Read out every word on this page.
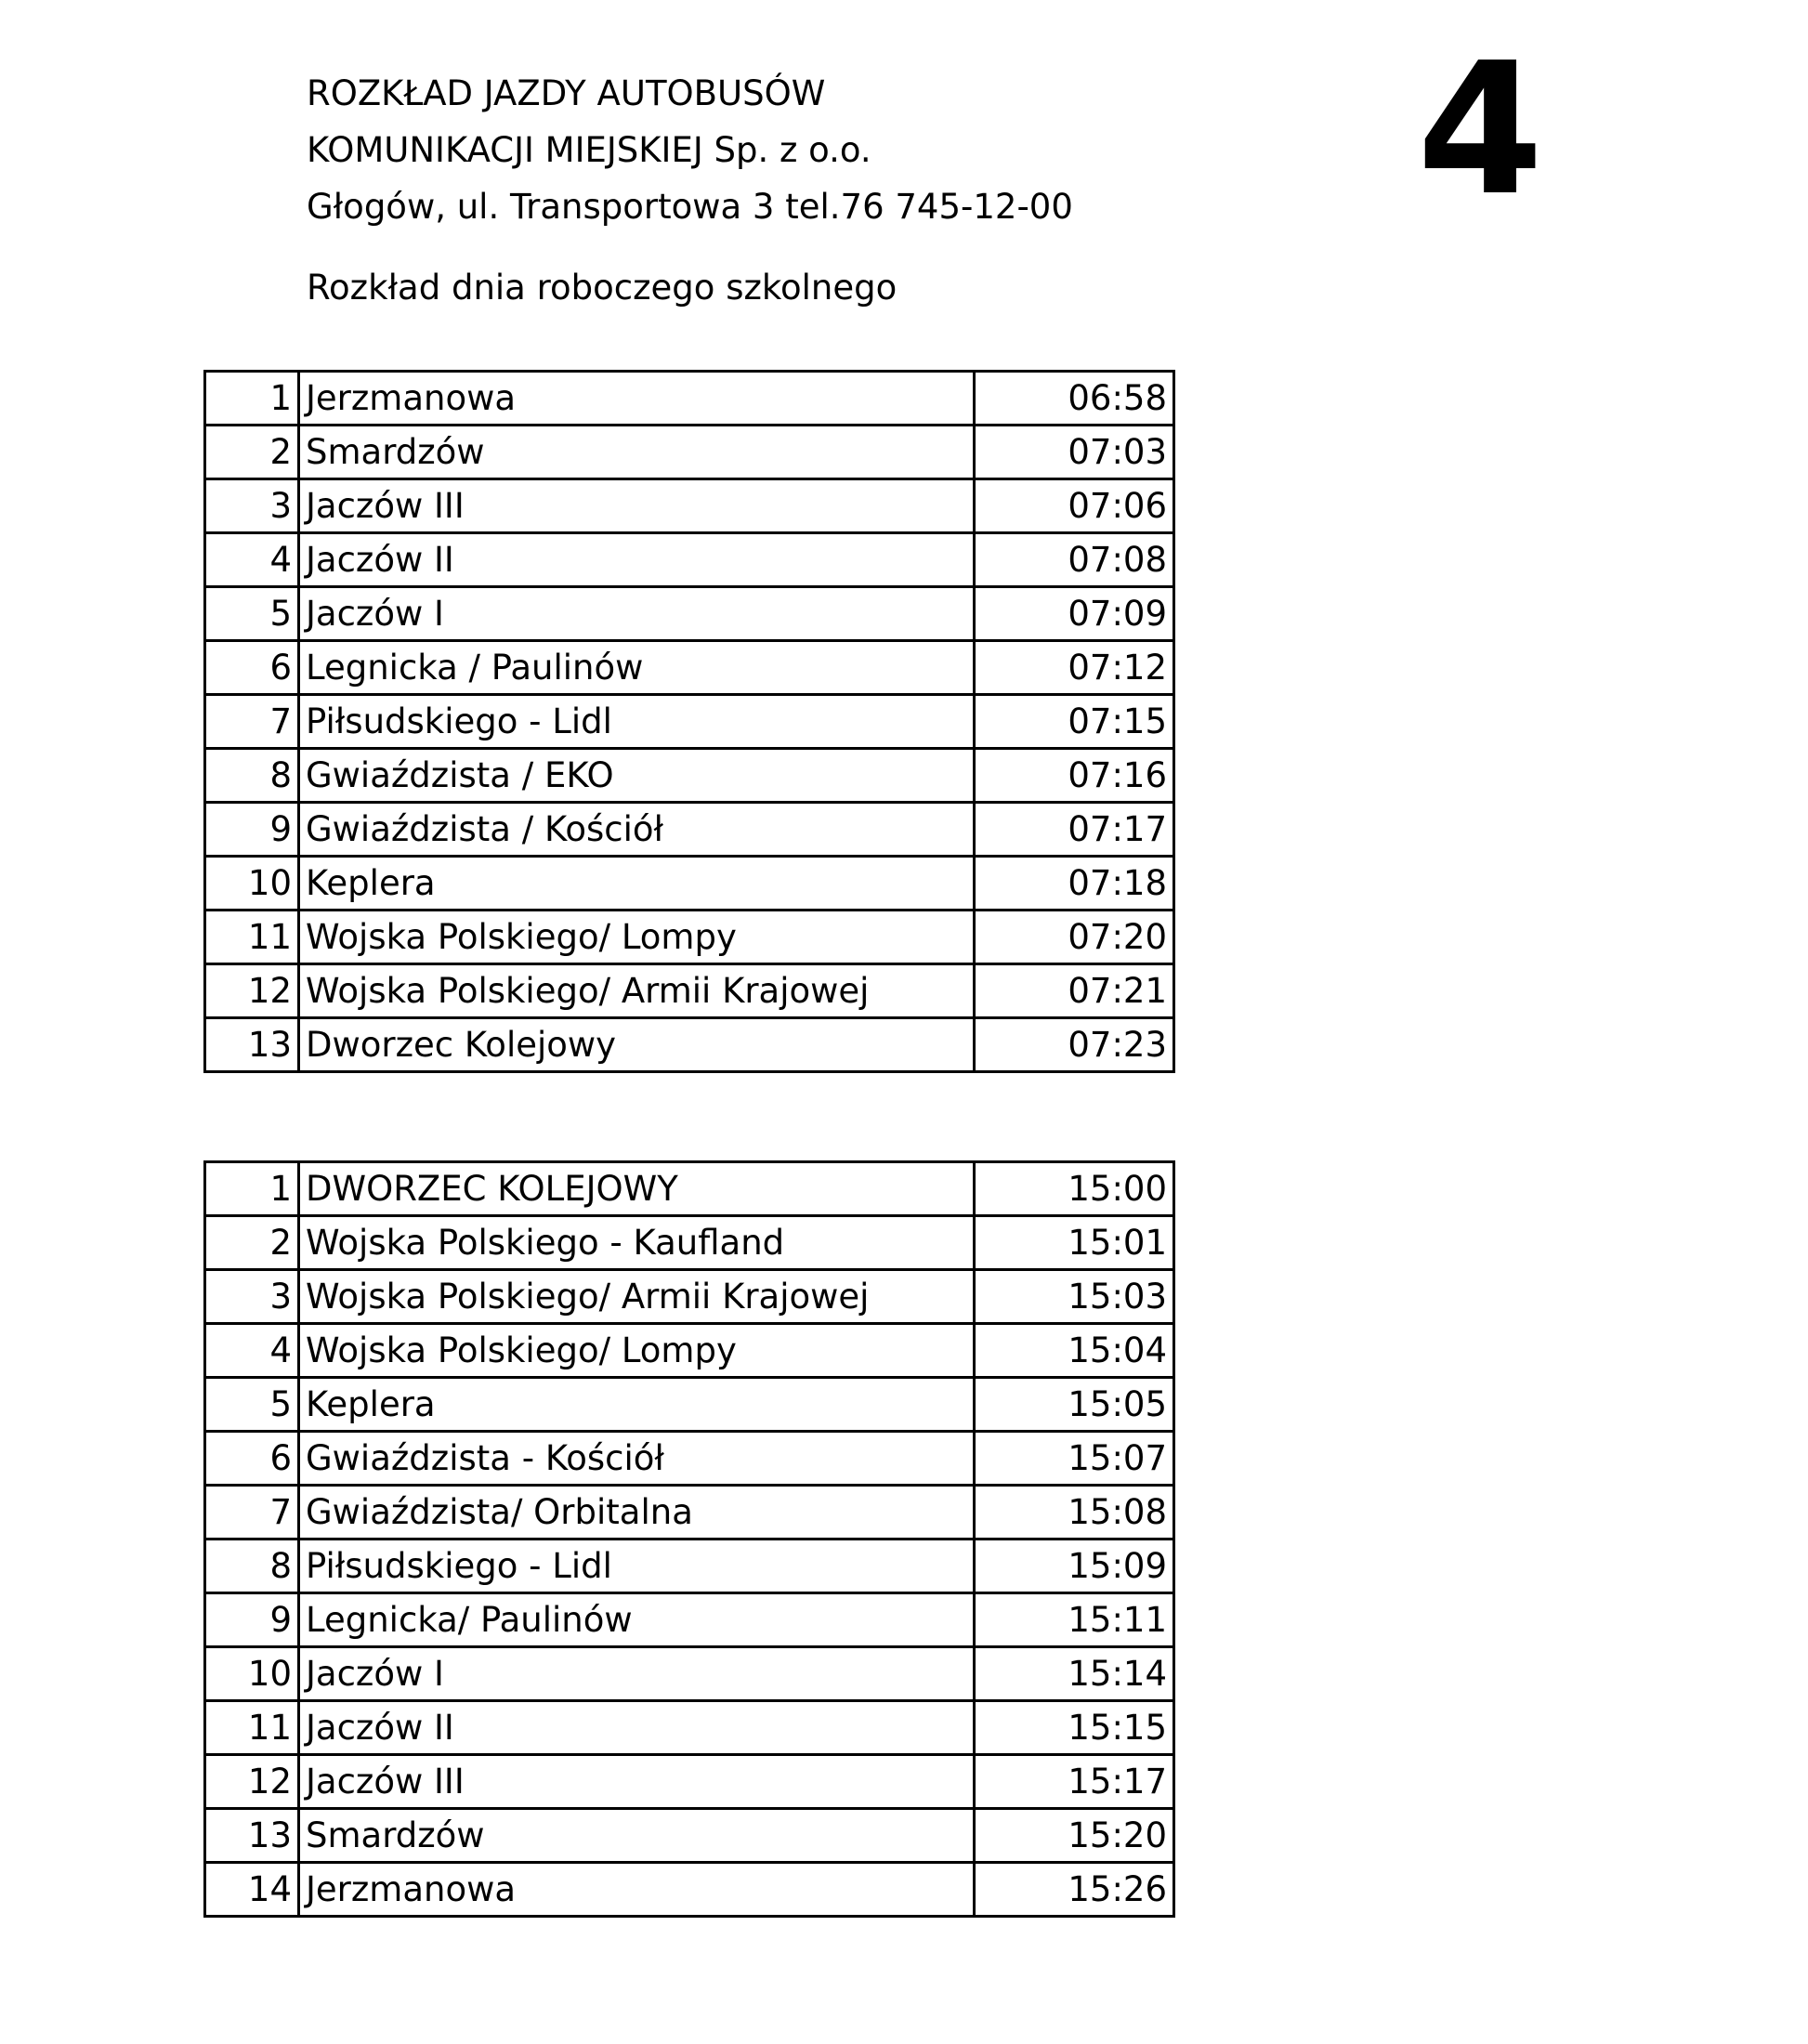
ROZKŁAD JAZDY AUTOBUSÓW
KOMUNIKACJI MIEJSKIEJ Sp. z o.o.
Głogów, ul. Transportowa 3 tel.76 745-12-00
Rozkład dnia roboczego szkolnego
4
1	Jerzmanowa	06:58
2	Smardzów	07:03
3	Jaczów III	07:06
4	Jaczów II	07:08
5	Jaczów I	07:09
6	Legnicka / Paulinów	07:12
7	Piłsudskiego - Lidl	07:15
8	Gwiaździsta / EKO	07:16
9	Gwiaździsta / Kościół	07:17
10	Keplera	07:18
11	Wojska Polskiego/ Lompy	07:20
12	Wojska Polskiego/ Armii Krajowej	07:21
13	Dworzec Kolejowy	07:23
1	DWORZEC KOLEJOWY	15:00
2	Wojska Polskiego - Kaufland	15:01
3	Wojska Polskiego/ Armii Krajowej	15:03
4	Wojska Polskiego/ Lompy	15:04
5	Keplera	15:05
6	Gwiaździsta - Kościół	15:07
7	Gwiaździsta/ Orbitalna	15:08
8	Piłsudskiego - Lidl	15:09
9	Legnicka/ Paulinów	15:11
10	Jaczów I	15:14
11	Jaczów II	15:15
12	Jaczów III	15:17
13	Smardzów	15:20
14	Jerzmanowa	15:26
